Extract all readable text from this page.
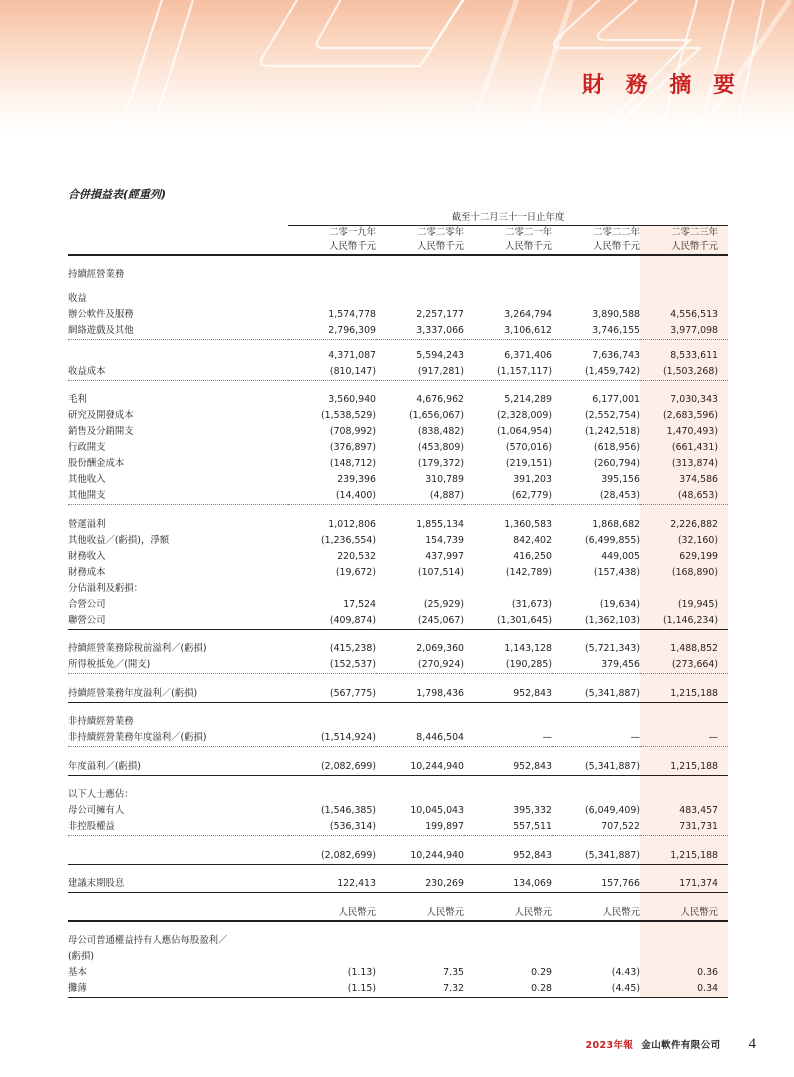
財 務 摘 要
合併損益表(經重列)
	截至十二月三十一日止年度				
	二零一九年	二零二零年	二零二一年	二零二二年	二零二三年
	人民幣千元	人民幣千元	人民幣千元	人民幣千元	人民幣千元

持續經營業務					

收益					
辦公軟件及服務	1,574,778	2,257,177	3,264,794	3,890,588	4,556,513
網絡遊戲及其他	2,796,309	3,337,066	3,106,612	3,746,155	3,977,098

	4,371,087	5,594,243	6,371,406	7,636,743	8,533,611
收益成本	(810,147)	(917,281)	(1,157,117)	(1,459,742)	(1,503,268)

毛利	3,560,940	4,676,962	5,214,289	6,177,001	7,030,343
研究及開發成本	(1,538,529)	(1,656,067)	(2,328,009)	(2,552,754)	(2,683,596)
銷售及分銷開支	(708,992)	(838,482)	(1,064,954)	(1,242,518)	1,470,493)
行政開支	(376,897)	(453,809)	(570,016)	(618,956)	(661,431)
股份酬金成本	(148,712)	(179,372)	(219,151)	(260,794)	(313,874)
其他收入	239,396	310,789	391,203	395,156	374,586
其他開支	(14,400)	(4,887)	(62,779)	(28,453)	(48,653)

營運溢利	1,012,806	1,855,134	1,360,583	1,868,682	2,226,882
其他收益／(虧損)，淨額	(1,236,554)	154,739	842,402	(6,499,855)	(32,160)
財務收入	220,532	437,997	416,250	449,005	629,199
財務成本	(19,672)	(107,514)	(142,789)	(157,438)	(168,890)
分佔溢利及虧損：					
合營公司	17,524	(25,929)	(31,673)	(19,634)	(19,945)
聯營公司	(409,874)	(245,067)	(1,301,645)	(1,362,103)	(1,146,234)

持續經營業務除稅前溢利／(虧損)	(415,238)	2,069,360	1,143,128	(5,721,343)	1,488,852
所得稅抵免／(開支)	(152,537)	(270,924)	(190,285)	379,456	(273,664)

持續經營業務年度溢利／(虧損)	(567,775)	1,798,436	952,843	(5,341,887)	1,215,188

非持續經營業務					
非持續經營業務年度溢利／(虧損)	(1,514,924)	8,446,504	—	—	—

年度溢利／(虧損)	(2,082,699)	10,244,940	952,843	(5,341,887)	1,215,188

以下人士應佔：					
母公司擁有人	(1,546,385)	10,045,043	395,332	(6,049,409)	483,457
非控股權益	(536,314)	199,897	557,511	707,522	731,731

	(2,082,699)	10,244,940	952,843	(5,341,887)	1,215,188

建議末期股息	122,413	230,269	134,069	157,766	171,374

	人民幣元	人民幣元	人民幣元	人民幣元	人民幣元

母公司普通權益持有人應佔每股盈利／					
(虧損)					
基本	(1.13)	7.35	0.29	(4.43)	0.36
攤薄	(1.15)	7.32	0.28	(4.45)	0.34
2023年報 金山軟件有限公司 4
